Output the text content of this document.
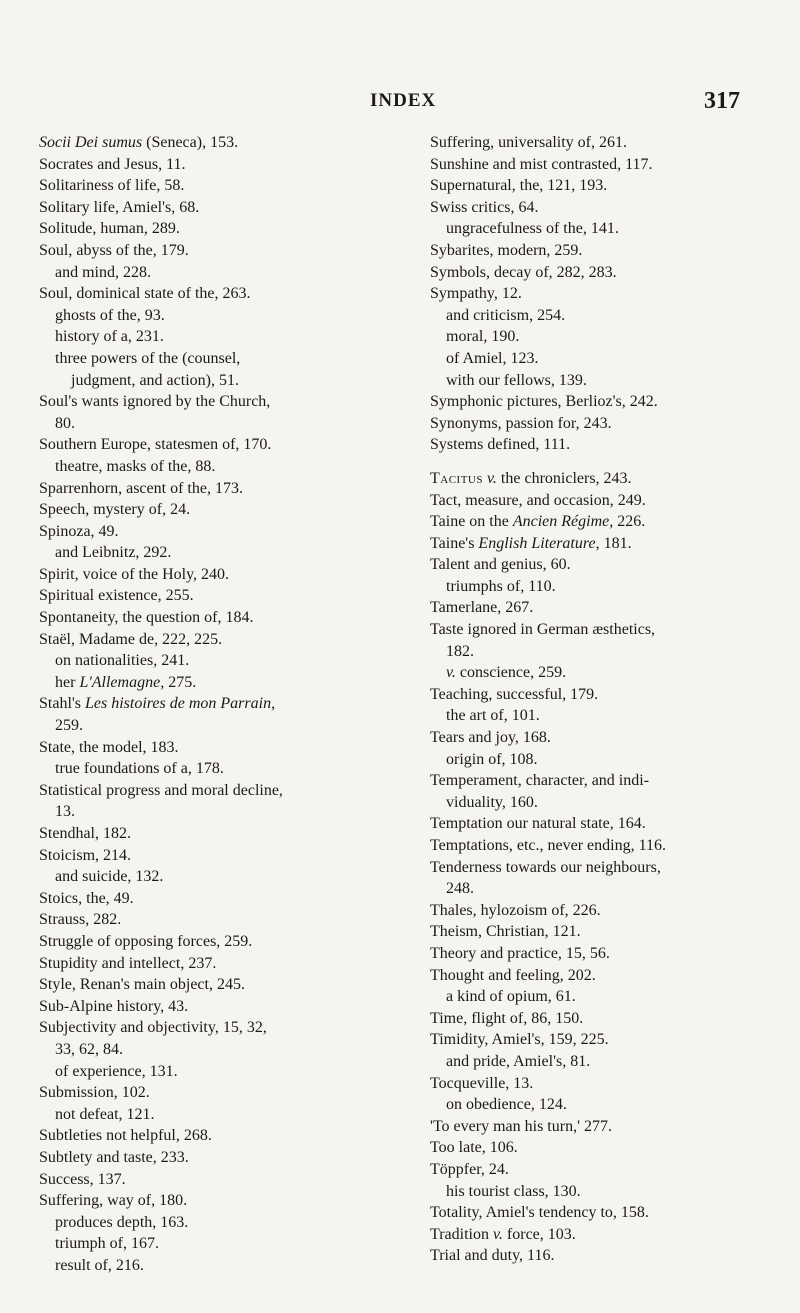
INDEX	317
Socii Dei sumus (Seneca), 153.
Socrates and Jesus, 11.
Solitariness of life, 58.
Solitary life, Amiel's, 68.
Solitude, human, 289.
Soul, abyss of the, 179.
and mind, 228.
Soul, dominical state of the, 263.
ghosts of the, 93.
history of a, 231.
three powers of the (counsel,
judgment, and action), 51.
Soul's wants ignored by the Church,
80.
Southern Europe, statesmen of, 170.
theatre, masks of the, 88.
Sparrenhorn, ascent of the, 173.
Speech, mystery of, 24.
Spinoza, 49.
and Leibnitz, 292.
Spirit, voice of the Holy, 240.
Spiritual existence, 255.
Spontaneity, the question of, 184.
Staël, Madame de, 222, 225.
on nationalities, 241.
her L'Allemagne, 275.
Stahl's Les histoires de mon Parrain,
259.
State, the model, 183.
true foundations of a, 178.
Statistical progress and moral decline,
13.
Stendhal, 182.
Stoicism, 214.
and suicide, 132.
Stoics, the, 49.
Strauss, 282.
Struggle of opposing forces, 259.
Stupidity and intellect, 237.
Style, Renan's main object, 245.
Sub-Alpine history, 43.
Subjectivity and objectivity, 15, 32,
33, 62, 84.
of experience, 131.
Submission, 102.
not defeat, 121.
Subtleties not helpful, 268.
Subtlety and taste, 233.
Success, 137.
Suffering, way of, 180.
produces depth, 163.
triumph of, 167.
result of, 216.
Suffering, universality of, 261.
Sunshine and mist contrasted, 117.
Supernatural, the, 121, 193.
Swiss critics, 64.
ungracefulness of the, 141.
Sybarites, modern, 259.
Symbols, decay of, 282, 283.
Sympathy, 12.
and criticism, 254.
moral, 190.
of Amiel, 123.
with our fellows, 139.
Symphonic pictures, Berlioz's, 242.
Synonyms, passion for, 243.
Systems defined, 111.
Tacitus v. the chroniclers, 243.
Tact, measure, and occasion, 249.
Taine on the Ancien Régime, 226.
Taine's English Literature, 181.
Talent and genius, 60.
triumphs of, 110.
Tamerlane, 267.
Taste ignored in German æsthetics,
182.
v. conscience, 259.
Teaching, successful, 179.
the art of, 101.
Tears and joy, 168.
origin of, 108.
Temperament, character, and indi-
viduality, 160.
Temptation our natural state, 164.
Temptations, etc., never ending, 116.
Tenderness towards our neighbours,
248.
Thales, hylozoism of, 226.
Theism, Christian, 121.
Theory and practice, 15, 56.
Thought and feeling, 202.
a kind of opium, 61.
Time, flight of, 86, 150.
Timidity, Amiel's, 159, 225.
and pride, Amiel's, 81.
Tocqueville, 13.
on obedience, 124.
'To every man his turn,' 277.
Too late, 106.
Töppfer, 24.
his tourist class, 130.
Totality, Amiel's tendency to, 158.
Tradition v. force, 103.
Trial and duty, 116.
